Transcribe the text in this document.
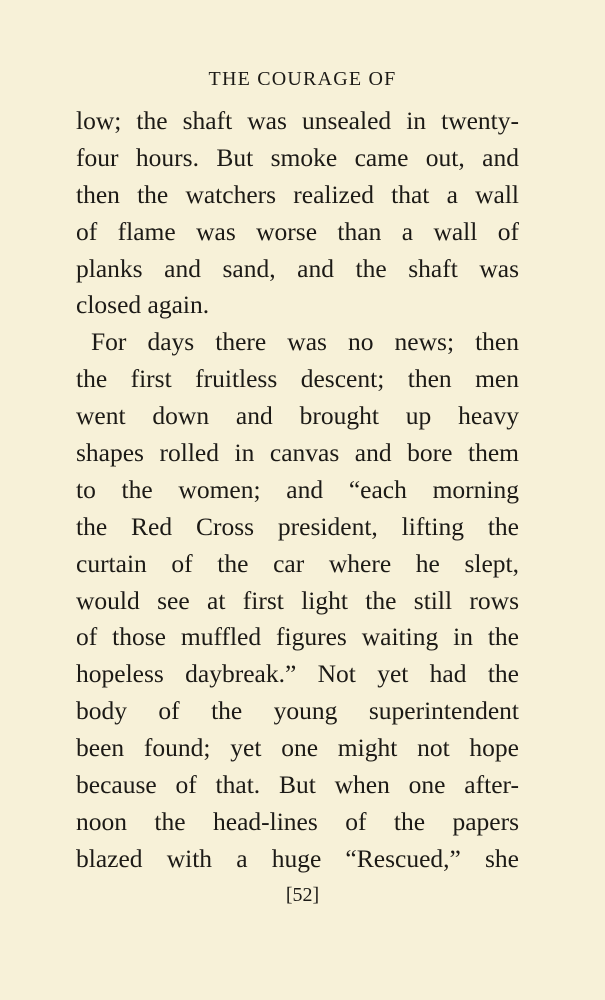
THE COURAGE OF
low; the shaft was unsealed in twenty-
four hours. But smoke came out, and
then the watchers realized that a wall
of flame was worse than a wall of
planks and sand, and the shaft was
closed again.
For days there was no news; then
the first fruitless descent; then men
went down and brought up heavy
shapes rolled in canvas and bore them
to the women; and “each morning
the Red Cross president, lifting the
curtain of the car where he slept,
would see at first light the still rows
of those muffled figures waiting in the
hopeless daybreak.” Not yet had the
body of the young superintendent
been found; yet one might not hope
because of that. But when one after-
noon the head-lines of the papers
blazed with a huge “Rescued,” she
[52]
